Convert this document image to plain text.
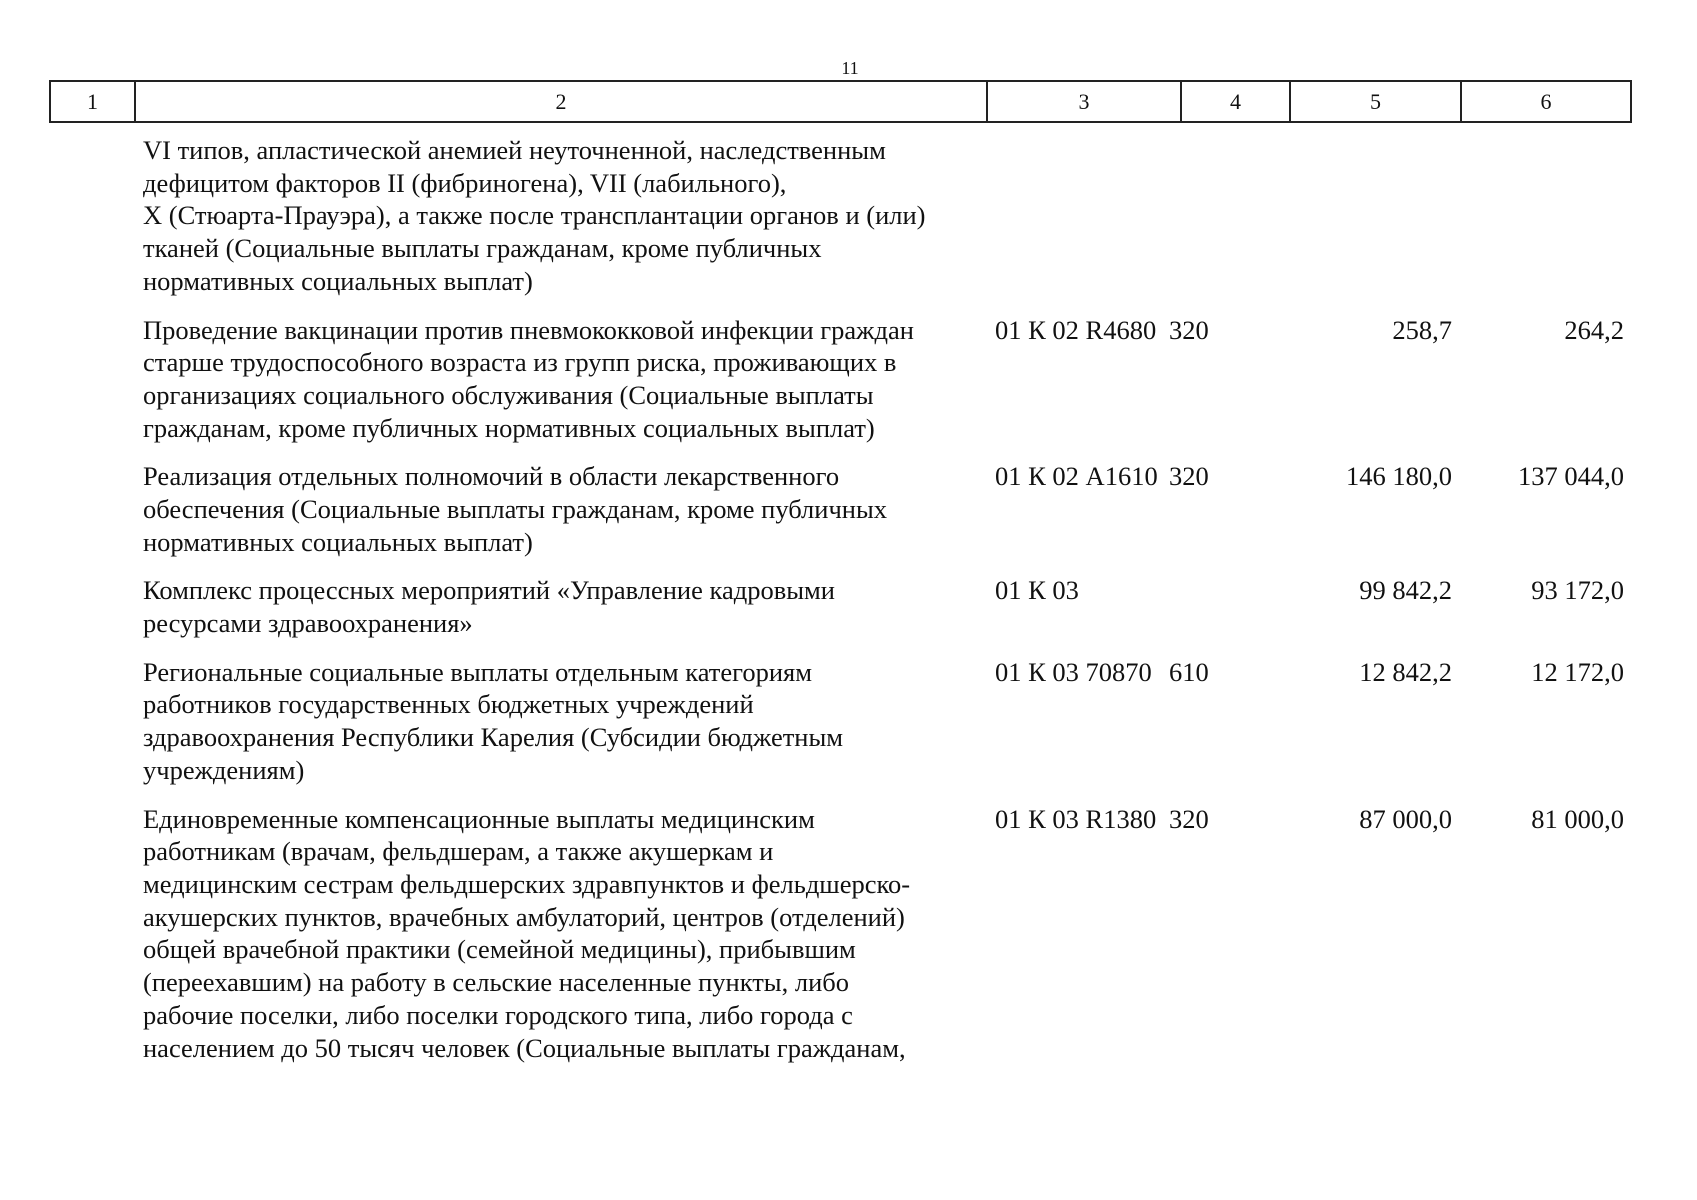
11
1	2	3	4	5	6
VI типов, апластической анемией неуточненной, наследственным
дефицитом факторов II (фибриногена), VII (лабильного),
X (Стюарта-Прауэра), а также после трансплантации органов и (или)
тканей (Социальные выплаты гражданам, кроме публичных
нормативных социальных выплат)
Проведение вакцинации против пневмококковой инфекции граждан
старше трудоспособного возраста из групп риска, проживающих в
организациях социального обслуживания (Социальные выплаты
гражданам, кроме публичных нормативных социальных выплат)
01 К 02 R4680 320	258,7	264,2
Реализация отдельных полномочий в области лекарственного
обеспечения (Социальные выплаты гражданам, кроме публичных
нормативных социальных выплат)
01 К 02 А1610 320	146 180,0	137 044,0
Комплекс процессных мероприятий «Управление кадровыми
ресурсами здравоохранения»
01 К 03	99 842,2	93 172,0
Региональные социальные выплаты отдельным категориям
работников государственных бюджетных учреждений
здравоохранения Республики Карелия (Субсидии бюджетным
учреждениям)
01 К 03 70870 610	12 842,2	12 172,0
Единовременные компенсационные выплаты медицинским
работникам (врачам, фельдшерам, а также акушеркам и
медицинским сестрам фельдшерских здравпунктов и фельдшерско-
акушерских пунктов, врачебных амбулаторий, центров (отделений)
общей врачебной практики (семейной медицины), прибывшим
(переехавшим) на работу в сельские населенные пункты, либо
рабочие поселки, либо поселки городского типа, либо города с
населением до 50 тысяч человек (Социальные выплаты гражданам,
01 К 03 R1380 320	87 000,0	81 000,0
